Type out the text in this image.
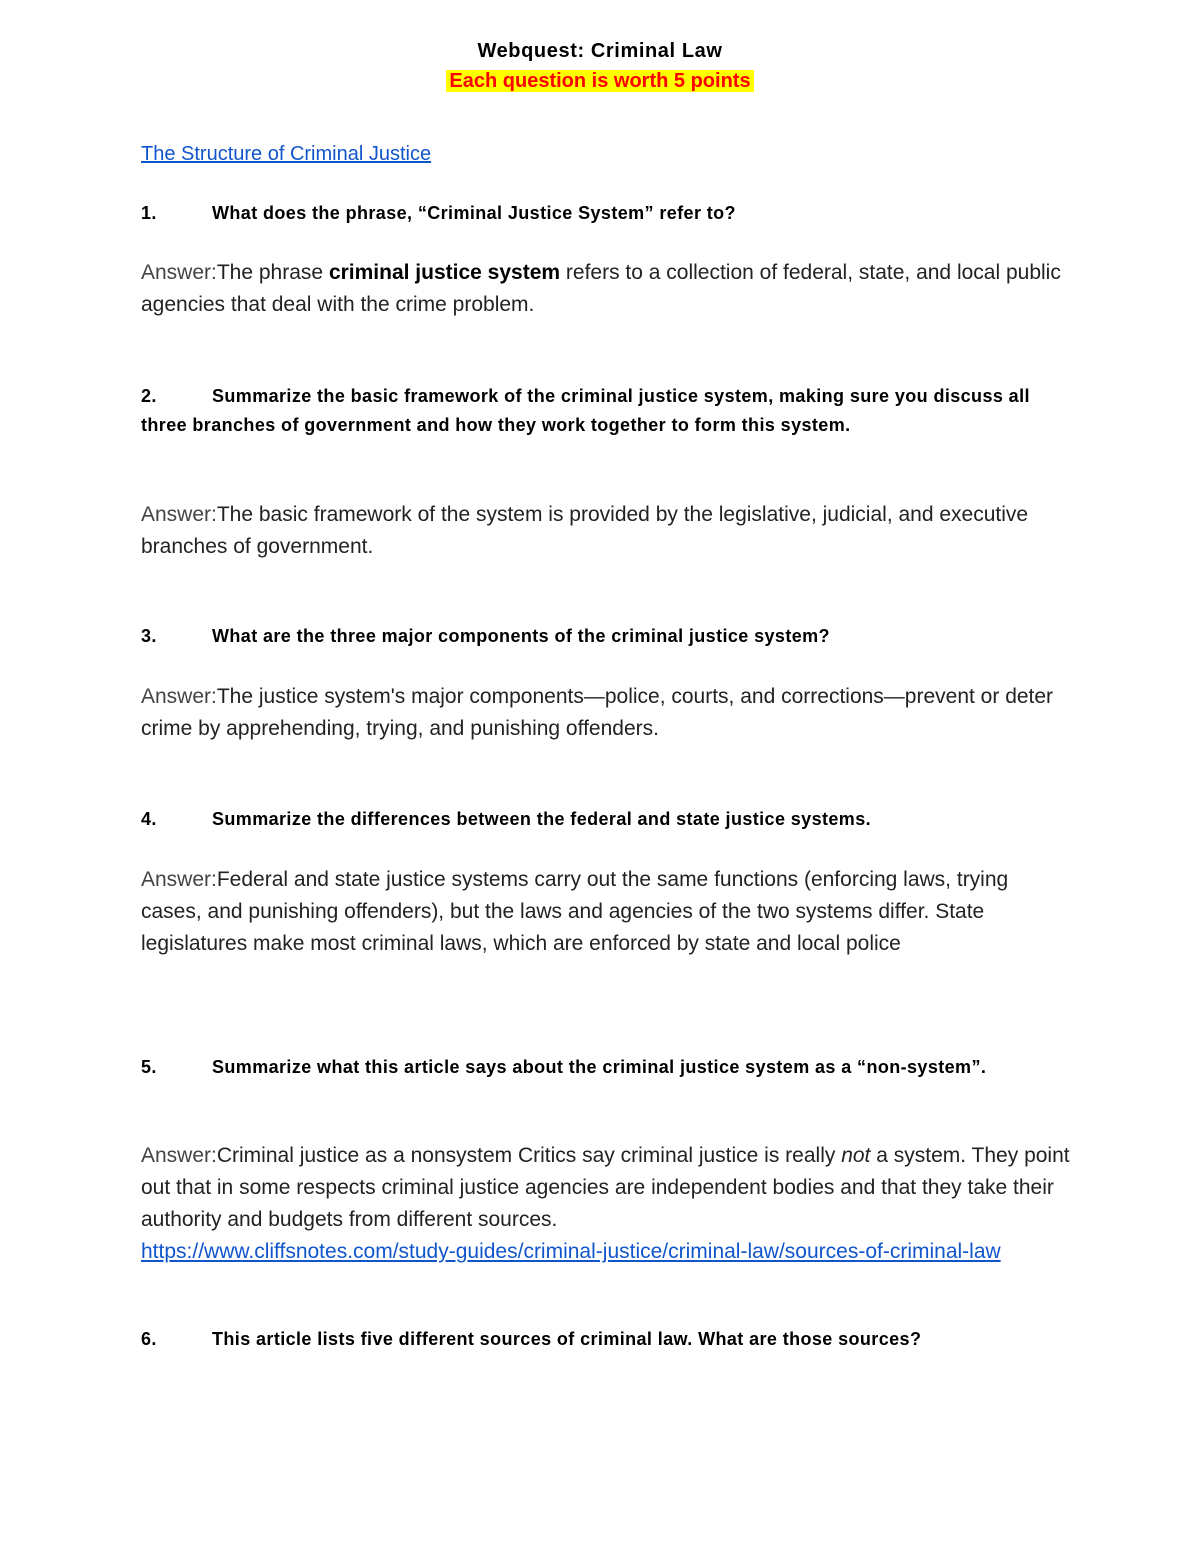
Webquest: Criminal Law
Each question is worth 5 points
The Structure of Criminal Justice
1.	What does the phrase, “Criminal Justice System” refer to?
Answer:The phrase criminal justice system refers to a collection of federal, state, and local public agencies that deal with the crime problem.
2.	Summarize the basic framework of the criminal justice system, making sure you discuss all three branches of government and how they work together to form this system.
Answer:The basic framework of the system is provided by the legislative, judicial, and executive branches of government.
3.	What are the three major components of the criminal justice system?
Answer:The justice system's major components—police, courts, and corrections—prevent or deter crime by apprehending, trying, and punishing offenders.
4.	Summarize the differences between the federal and state justice systems.
Answer:Federal and state justice systems carry out the same functions (enforcing laws, trying cases, and punishing offenders), but the laws and agencies of the two systems differ. State legislatures make most criminal laws, which are enforced by state and local police
5.	Summarize what this article says about the criminal justice system as a “non-system”.
Answer:Criminal justice as a nonsystem Critics say criminal justice is really not a system. They point out that in some respects criminal justice agencies are independent bodies and that they take their authority and budgets from different sources.
https://www.cliffsnotes.com/study-guides/criminal-justice/criminal-law/sources-of-criminal-law
6.	This article lists five different sources of criminal law. What are those sources?
